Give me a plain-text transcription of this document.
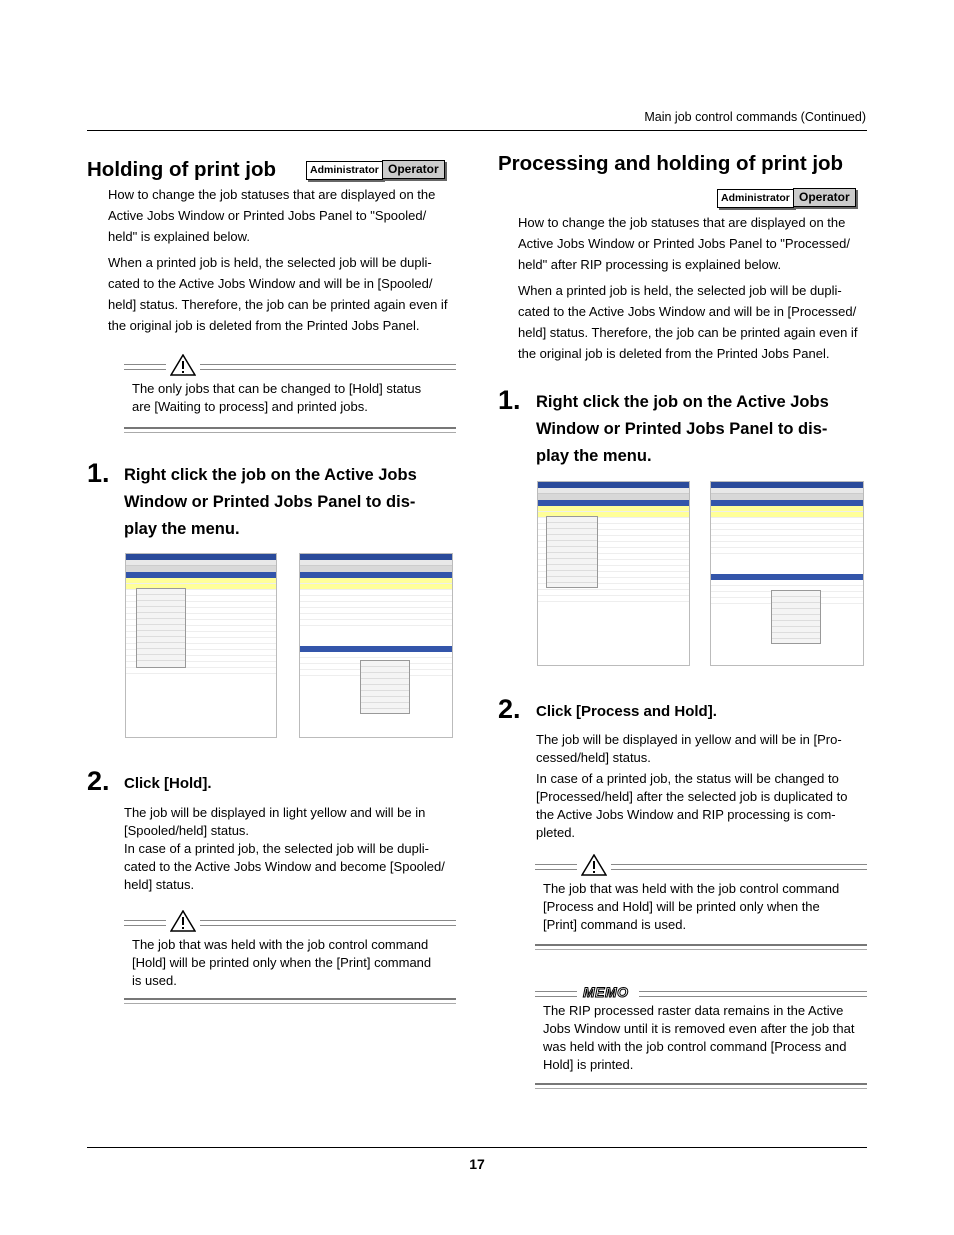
Main job control commands (Continued)
Holding of print job	Administrator Operator
How to change the job statuses that are displayed on the
Active Jobs Window or Printed Jobs Panel to "Spooled/
held" is explained below.
When a printed job is held, the selected job will be dupli-
cated to the Active Jobs Window and will be in [Spooled/
held] status. Therefore, the job can be printed again even if
the original job is deleted from the Printed Jobs Panel.
The only jobs that can be changed to [Hold] status
are [Waiting to process] and printed jobs.
1. Right click the job on the Active Jobs
Window or Printed Jobs Panel to dis-
play the menu.
2. Click [Hold].
The job will be displayed in light yellow and will be in
[Spooled/held] status.
In case of a printed job, the selected job will be dupli-
cated to the Active Jobs Window and become [Spooled/
held] status.
The job that was held with the job control command
[Hold] will be printed only when the [Print] command
is used.
Processing and holding of print job
Administrator Operator
How to change the job statuses that are displayed on the
Active Jobs Window or Printed Jobs Panel to "Processed/
held" after RIP processing is explained below.
When a printed job is held, the selected job will be dupli-
cated to the Active Jobs Window and will be in [Processed/
held] status. Therefore, the job can be printed again even if
the original job is deleted from the Printed Jobs Panel.
1. Right click the job on the Active Jobs
Window or Printed Jobs Panel to dis-
play the menu.
2. Click [Process and Hold].
The job will be displayed in yellow and will be in [Pro-
cessed/held] status.
In case of a printed job, the status will be changed to
[Processed/held] after the selected job is duplicated to
the Active Jobs Window and RIP processing is com-
pleted.
The job that was held with the job control command
[Process and Hold] will be printed only when the
[Print] command is used.
MEMO
The RIP processed raster data remains in the Active
Jobs Window until it is removed even after the job that
was held with the job control command [Process and
Hold] is printed.
17
